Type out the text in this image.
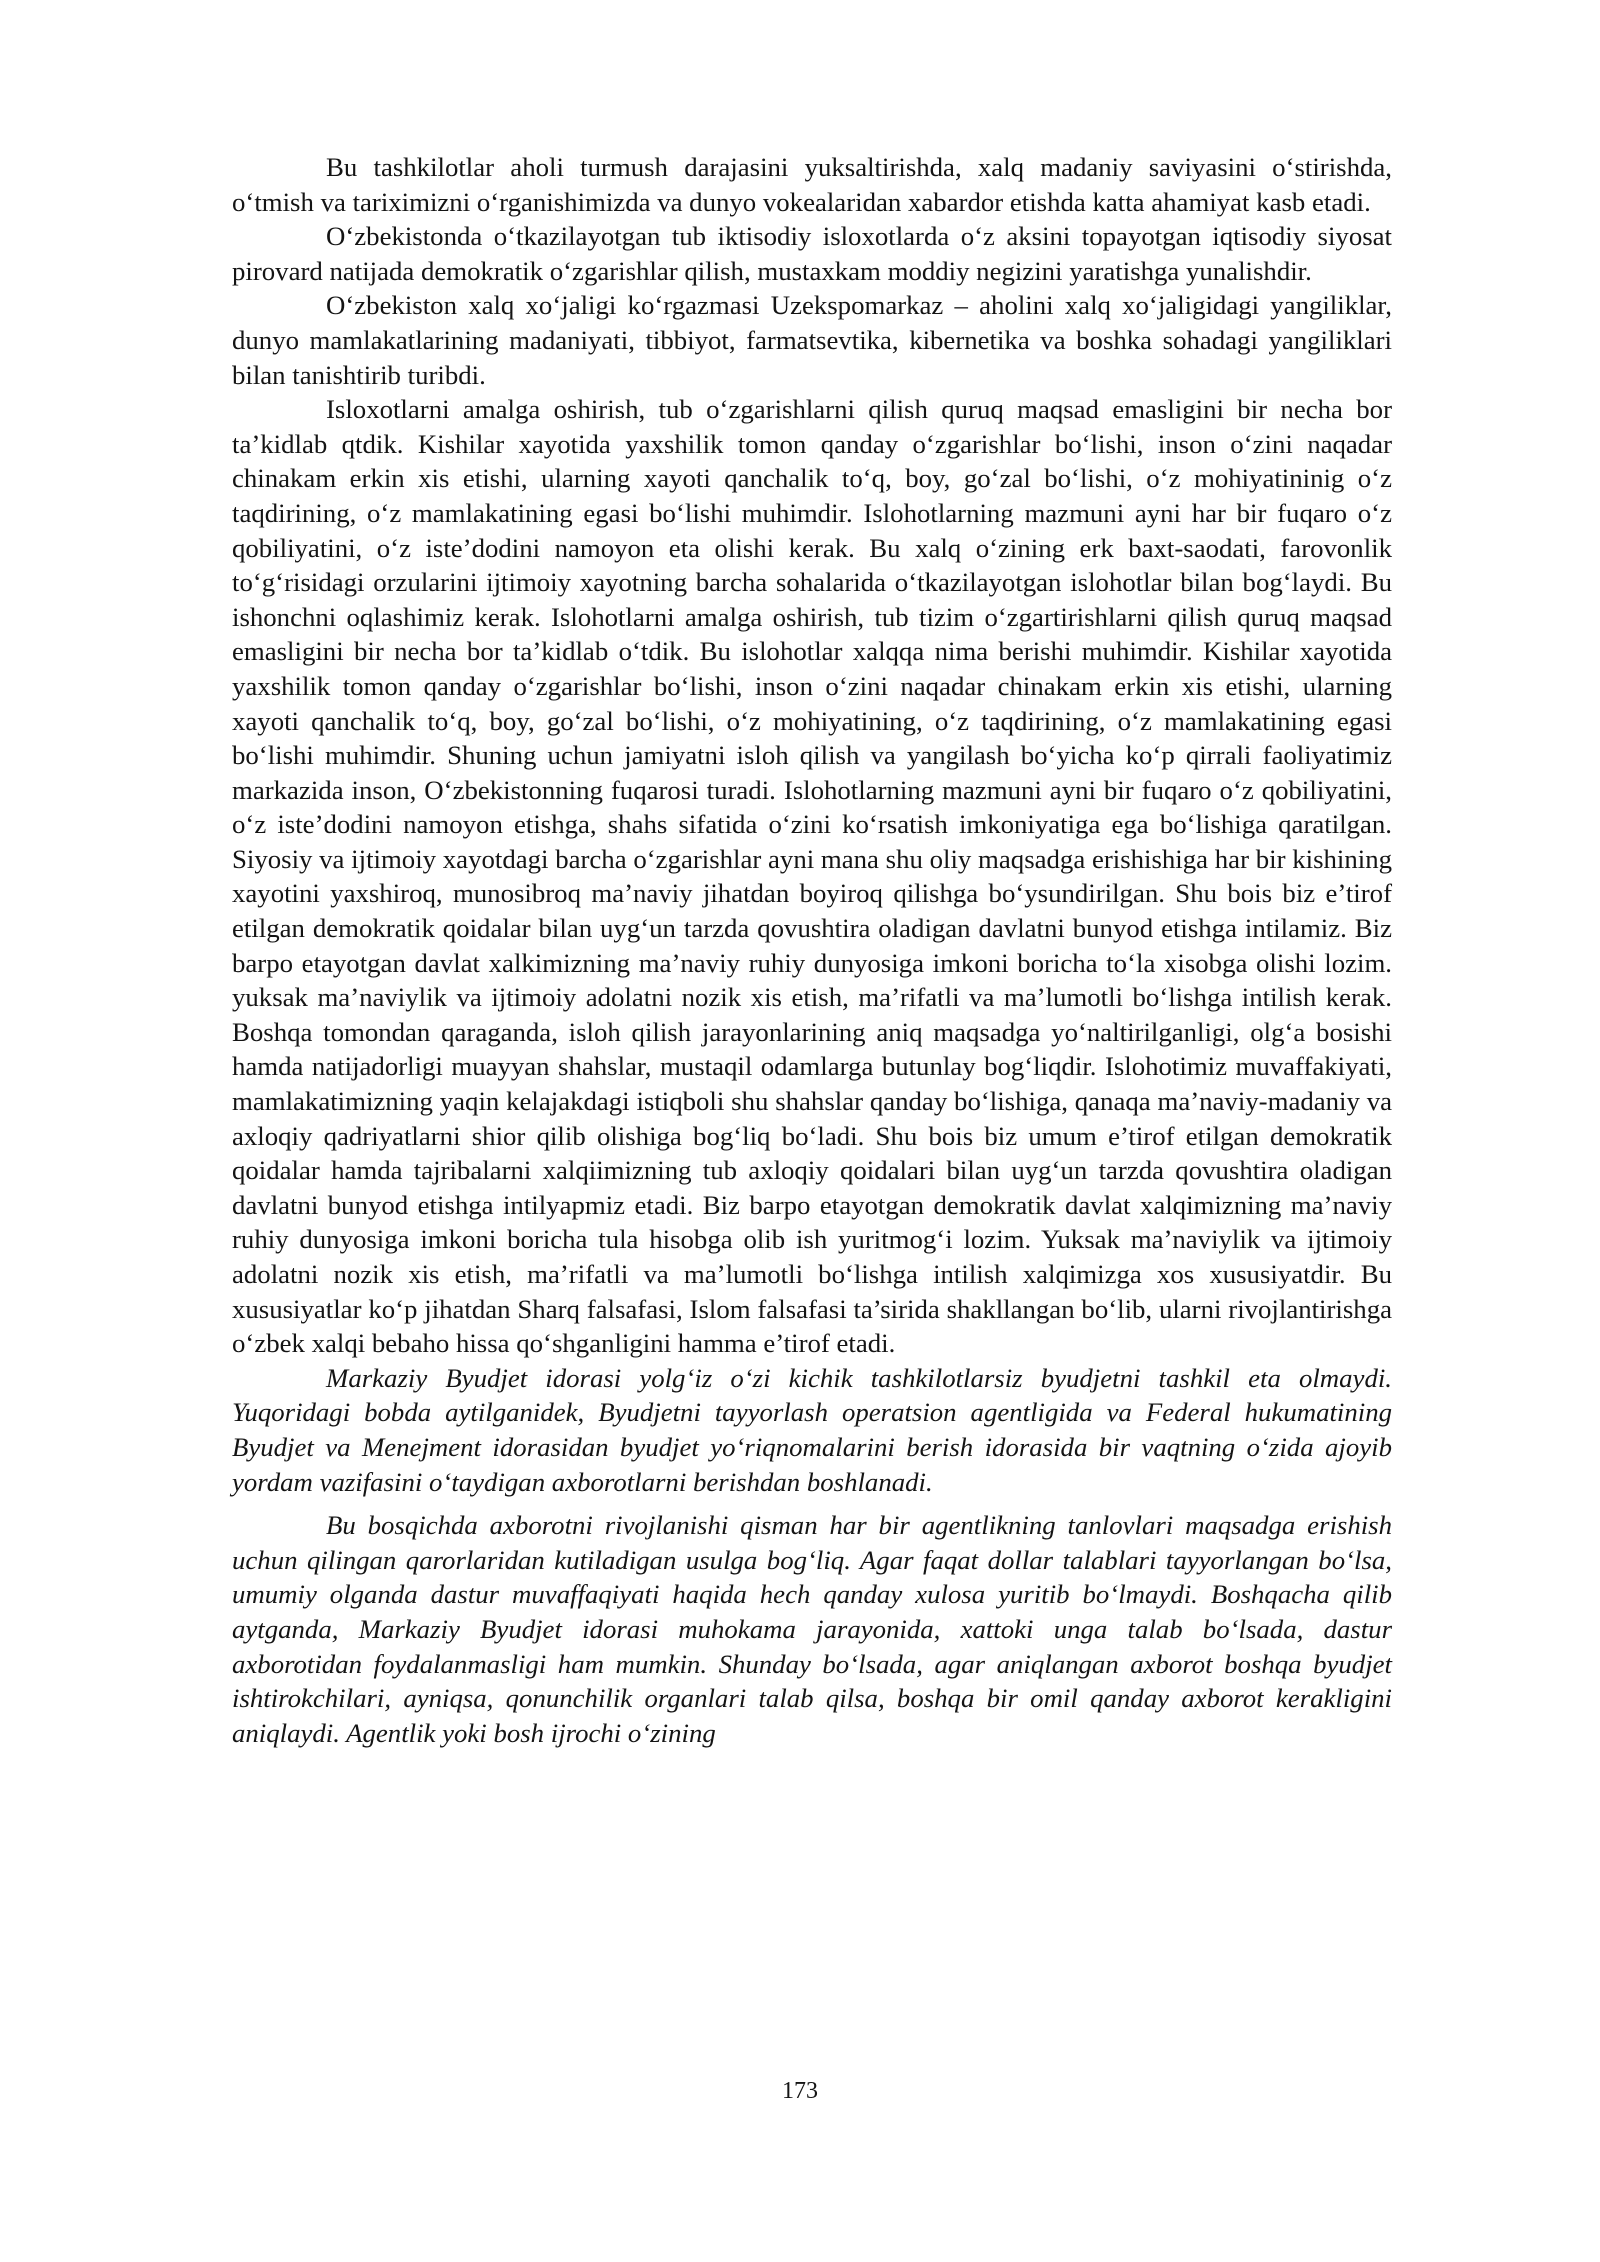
Bu tashkilotlar aholi turmush darajasini yuksaltirishda, xalq madaniy saviyasini o‘stirishda, o‘tmish va tariximizni o‘rganishimizda va dunyo vokealaridan xabardor etishda katta ahamiyat kasb etadi.

O‘zbekistonda o‘tkazilayotgan tub iktisodiy isloxotlarda o‘z aksini topayotgan iqtisodiy siyosat pirovard natijada demokratik o‘zgarishlar qilish, mustaxkam moddiy negizini yaratishga yunalishdir.

O‘zbekiston xalq xo‘jaligi ko‘rgazmasi Uzekspomarkaz – aholini xalq xo‘jaligidagi yangiliklar, dunyo mamlakatlarining madaniyati, tibbiyot, farmatsevtika, kibernetika va boshka sohadagi yangiliklari bilan tanishtirib turibdi.

Isloxotlarni amalga oshirish, tub o‘zgarishlarni qilish quruq maqsad emasligini bir necha bor ta’kidlab qtdik. Kishilar xayotida yaxshilik tomon qanday o‘zgarishlar bo‘lishi, inson o‘zini naqadar chinakam erkin xis etishi, ularning xayoti qanchalik to‘q, boy, go‘zal bo‘lishi, o‘z mohiyatininig o‘z taqdirining, o‘z mamlakatining egasi bo‘lishi muhimdir. Islohotlarning mazmuni ayni har bir fuqaro o‘z qobiliyatini, o‘z iste’dodini namoyon eta olishi kerak. Bu xalq o‘zining erk baxt-saodati, farovonlik to‘g‘risidagi orzularini ijtimoiy xayotning barcha sohalarida o‘tkazilayotgan islohotlar bilan bog‘laydi. Bu ishonchni oqlashimiz kerak. Islohotlarni amalga oshirish, tub tizim o‘zgartirishlarni qilish quruq maqsad emasligini bir necha bor ta’kidlab o‘tdik. Bu islohotlar xalqqa nima berishi muhimdir. Kishilar xayotida yaxshilik tomon qanday o‘zgarishlar bo‘lishi, inson o‘zini naqadar chinakam erkin xis etishi, ularning xayoti qanchalik to‘q, boy, go‘zal bo‘lishi, o‘z mohiyatining, o‘z taqdirining, o‘z mamlakatining egasi bo‘lishi muhimdir. Shuning uchun jamiyatni isloh qilish va yangilash bo‘yicha ko‘p qirrali faoliyatimiz markazida inson, O‘zbekistonning fuqarosi turadi. Islohotlarning mazmuni ayni bir fuqaro o‘z qobiliyatini, o‘z iste’dodini namoyon etishga, shahs sifatida o‘zini ko‘rsatish imkoniyatiga ega bo‘lishiga qaratilgan. Siyosiy va ijtimoiy xayotdagi barcha o‘zgarishlar ayni mana shu oliy maqsadga erishishiga har bir kishining xayotini yaxshiroq, munosibroq ma’naviy jihatdan boyiroq qilishga bo‘ysundirilgan. Shu bois biz e’tirof etilgan demokratik qoidalar bilan uyg‘un tarzda qovushtira oladigan davlatni bunyod etishga intilamiz. Biz barpo etayotgan davlat xalkimizning ma’naviy ruhiy dunyosiga imkoni boricha to‘la xisobga olishi lozim. yuksak ma’naviylik va ijtimoiy adolatni nozik xis etish, ma’rifatli va ma’lumotli bo‘lishga intilish kerak. Boshqa tomondan qaraganda, isloh qilish jarayonlarining aniq maqsadga yo‘naltirilganligi, olg‘a bosishi hamda natijadorligi muayyan shahslar, mustaqil odamlarga butunlay bog‘liqdir. Islohotimiz muvaffakiyati, mamlakatimizning yaqin kelajakdagi istiqboli shu shahslar qanday bo‘lishiga, qanaqa ma’naviy-madaniy va axloqiy qadriyatlarni shior qilib olishiga bog‘liq bo‘ladi. Shu bois biz umum e’tirof etilgan demokratik qoidalar hamda tajribalarni xalqiimizning tub axloqiy qoidalari bilan uyg‘un tarzda qovushtira oladigan davlatni bunyod etishga intilyapmiz etadi. Biz barpo etayotgan demokratik davlat xalqimizning ma’naviy ruhiy dunyosiga imkoni boricha tula hisobga olib ish yuritmog‘i lozim. Yuksak ma’naviylik va ijtimoiy adolatni nozik xis etish, ma’rifatli va ma’lumotli bo‘lishga intilish xalqimizga xos xususiyatdir. Bu xususiyatlar ko‘p jihatdan Sharq falsafasi, Islom falsafasi ta’sirida shakllangan bo‘lib, ularni rivojlantirishga o‘zbek xalqi bebaho hissa qo‘shganligini hamma e’tirof etadi.

Markaziy Byudjet idorasi yolg‘iz o‘zi kichik tashkilotlarsiz byudjetni tashkil eta olmaydi. Yuqoridagi bobda aytilganidek, Byudjetni tayyorlash operatsion agentligida va Federal hukumatining Byudjet va Menejment idorasidan byudjet yo‘riqnomalarini berish idorasida bir vaqtning o‘zida ajoyib yordam vazifasini o‘taydigan axborotlarni berishdan boshlanadi.

Bu bosqichda axborotni rivojlanishi qisman har bir agentlikning tanlovlari maqsadga erishish uchun qilingan qarorlaridan kutiladigan usulga bog‘liq. Agar faqat dollar talablari tayyorlangan bo‘lsa, umumiy olganda dastur muvaffaqiyati haqida hech qanday xulosa yuritib bo‘lmaydi. Boshqacha qilib aytganda, Markaziy Byudjet idorasi muhokama jarayonida, xattoki unga talab bo‘lsada, dastur axborotidan foydalanmasligi ham mumkin. Shunday bo‘lsada, agar aniqlangan axborot boshqa byudjet ishtirokchilari, ayniqsa, qonunchilik organlari talab qilsa, boshqa bir omil qanday axborot kerakligini aniqlaydi. Agentlik yoki bosh ijrochi o‘zining

173
